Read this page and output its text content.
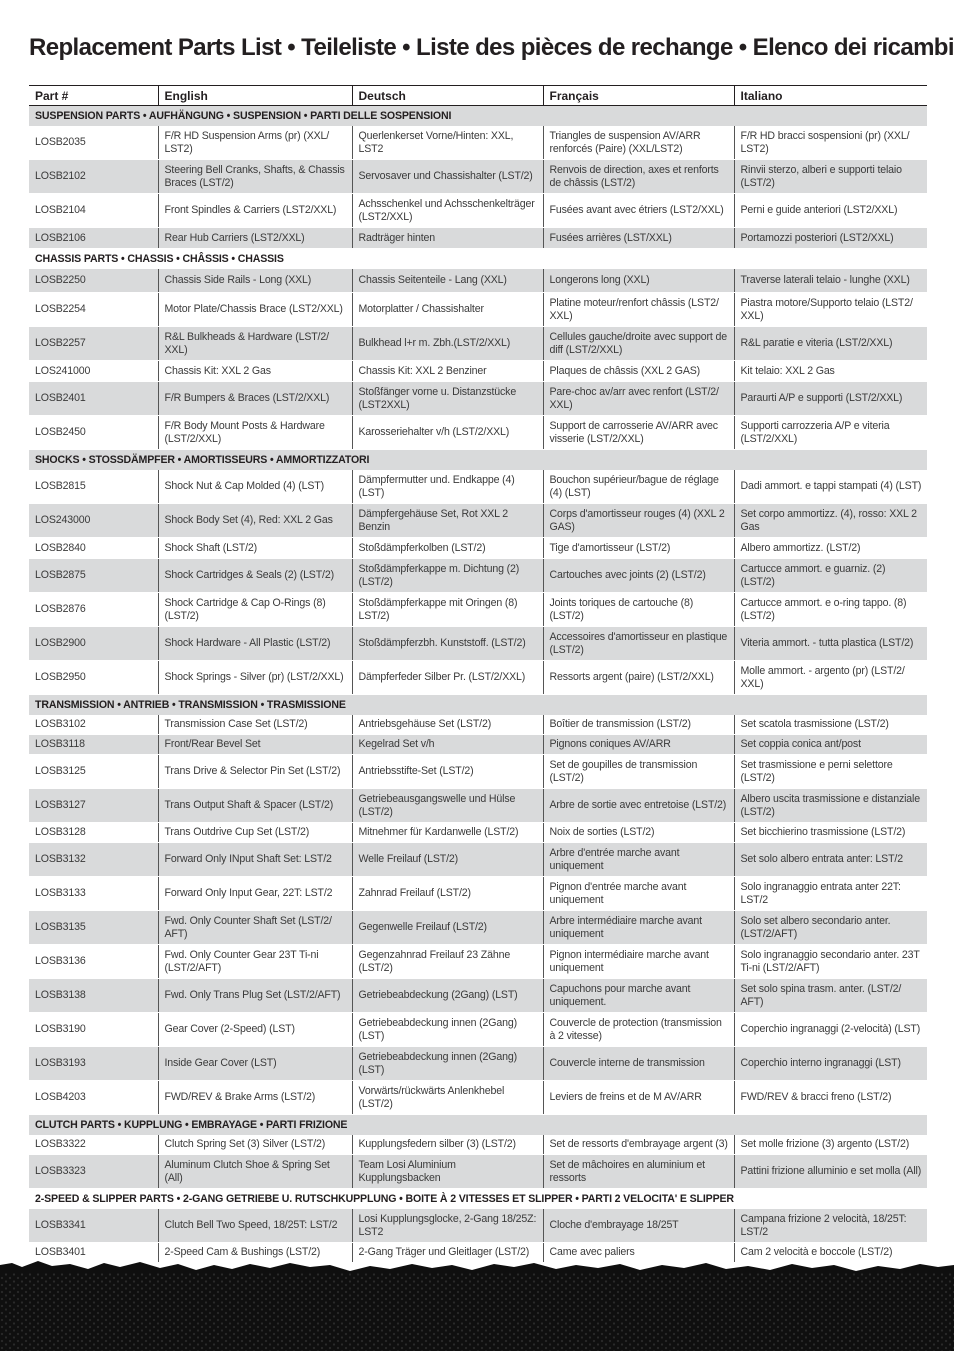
Replacement Parts List • Teileliste • Liste des pièces de rechange • Elenco dei ricambi
Part #	English	Deutsch	Français	Italiano
SUSPENSION PARTS • AUFHÄNGUNG • SUSPENSION • PARTI DELLE SOSPENSIONI				
LOSB2035	F/R HD Suspension Arms (pr) (XXL/ LST2)	Querlenkerset Vorne/Hinten: XXL, LST2	Triangles de suspension AV/ARR renforcés (Paire) (XXL/LST2)	F/R HD bracci sospensioni (pr) (XXL/ LST2)
LOSB2102	Steering Bell Cranks, Shafts, & Chassis Braces (LST/2)	Servosaver und Chassishalter (LST/2)	Renvois de direction, axes et renforts de châssis (LST/2)	Rinvii sterzo, alberi e supporti telaio (LST/2)
LOSB2104	Front Spindles & Carriers (LST2/XXL)	Achsschenkel und Achsschenkelträger (LST2/XXL)	Fusées avant avec étriers (LST2/XXL)	Perni e guide anteriori (LST2/XXL)
LOSB2106	Rear Hub Carriers (LST2/XXL)	Radträger hinten	Fusées arrières (LST/XXL)	Portamozzi posteriori (LST2/XXL)
CHASSIS PARTS • CHASSIS • CHÂSSIS • CHASSIS				
LOSB2250	Chassis Side Rails - Long (XXL)	Chassis Seitenteile - Lang (XXL)	Longerons long (XXL)	Traverse laterali telaio - lunghe (XXL)
LOSB2254	Motor Plate/Chassis Brace (LST2/XXL)	Motorplatter / Chassishalter	Platine moteur/renfort châssis (LST2/ XXL)	Piastra motore/Supporto telaio (LST2/ XXL)
LOSB2257	R&L Bulkheads & Hardware (LST/2/ XXL)	Bulkhead l+r m. Zbh.(LST/2/XXL)	Cellules gauche/droite avec support de diff (LST/2/XXL)	R&L paratie e viteria (LST/2/XXL)
LOS241000	Chassis Kit: XXL 2 Gas	Chassis Kit: XXL 2 Benziner	Plaques de châssis (XXL 2 GAS)	Kit telaio: XXL 2 Gas
LOSB2401	F/R Bumpers & Braces (LST/2/XXL)	Stoßfänger vorne u. Distanzstücke (LST2XXL)	Pare-choc av/arr avec renfort (LST/2/ XXL)	Paraurti A/P e supporti (LST/2/XXL)
LOSB2450	F/R Body Mount Posts & Hardware (LST/2/XXL)	Karosseriehalter v/h (LST/2/XXL)	Support de carrosserie AV/ARR avec visserie (LST/2/XXL)	Supporti carrozzeria A/P e viteria (LST/2/XXL)
SHOCKS • STOSSDÄMPFER • AMORTISSEURS • AMMORTIZZATORI				
LOSB2815	Shock Nut & Cap Molded (4) (LST)	Dämpfermutter und. Endkappe (4) (LST)	Bouchon supérieur/bague de réglage (4) (LST)	Dadi ammort. e tappi stampati (4) (LST)
LOS243000	Shock Body Set (4), Red: XXL 2 Gas	Dämpfergehäuse Set, Rot XXL 2 Benzin	Corps d'amortisseur rouges (4) (XXL 2 GAS)	Set corpo ammortizz. (4), rosso: XXL 2 Gas
LOSB2840	Shock Shaft (LST/2)	Stoßdämpferkolben (LST/2)	Tige d'amortisseur (LST/2)	Albero ammortizz. (LST/2)
LOSB2875	Shock Cartridges & Seals (2) (LST/2)	Stoßdämpferkappe m. Dichtung (2) (LST/2)	Cartouches avec joints (2) (LST/2)	Cartucce ammort. e guarniz. (2) (LST/2)
LOSB2876	Shock Cartridge & Cap O-Rings (8) (LST/2)	Stoßdämpferkappe mit Oringen (8) LST/2)	Joints toriques de cartouche (8) (LST/2)	Cartucce ammort. e o-ring tappo. (8) (LST/2)
LOSB2900	Shock Hardware - All Plastic (LST/2)	Stoßdämpferzbh. Kunststoff. (LST/2)	Accessoires d'amortisseur en plastique (LST/2)	Viteria ammort. - tutta plastica (LST/2)
LOSB2950	Shock Springs - Silver (pr) (LST/2/XXL)	Dämpferfeder Silber Pr. (LST/2/XXL)	Ressorts argent (paire) (LST/2/XXL)	Molle ammort. - argento (pr) (LST/2/ XXL)
TRANSMISSION • ANTRIEB • TRANSMISSION • TRASMISSIONE				
LOSB3102	Transmission Case Set (LST/2)	Antriebsgehäuse Set (LST/2)	Boîtier de transmission (LST/2)	Set scatola trasmissione (LST/2)
LOSB3118	Front/Rear Bevel Set	Kegelrad Set v/h	Pignons coniques AV/ARR	Set coppia conica ant/post
LOSB3125	Trans Drive & Selector Pin Set (LST/2)	Antriebsstifte-Set (LST/2)	Set de goupilles de transmission (LST/2)	Set trasmissione e perni selettore (LST/2)
LOSB3127	Trans Output Shaft & Spacer (LST/2)	Getriebeausgangswelle und Hülse (LST/2)	Arbre de sortie avec entretoise (LST/2)	Albero uscita trasmissione e distanziale (LST/2)
LOSB3128	Trans Outdrive Cup Set (LST/2)	Mitnehmer für Kardanwelle (LST/2)	Noix de sorties (LST/2)	Set bicchierino trasmissione (LST/2)
LOSB3132	Forward Only INput Shaft Set: LST/2	Welle Freilauf (LST/2)	Arbre d'entrée marche avant uniquement	Set solo albero entrata anter: LST/2
LOSB3133	Forward Only Input Gear, 22T: LST/2	Zahnrad Freilauf (LST/2)	Pignon d'entrée marche avant uniquement	Solo ingranaggio entrata anter 22T: LST/2
LOSB3135	Fwd. Only Counter Shaft Set (LST/2/ AFT)	Gegenwelle Freilauf (LST/2)	Arbre intermédiaire marche avant uniquement	Solo set albero secondario anter. (LST/2/AFT)
LOSB3136	Fwd. Only Counter Gear 23T Ti-ni (LST/2/AFT)	Gegenzahnrad Freilauf 23 Zähne (LST/2)	Pignon intermédiaire marche avant uniquement	Solo ingranaggio secondario anter. 23T Ti-ni (LST/2/AFT)
LOSB3138	Fwd. Only Trans Plug Set (LST/2/AFT)	Getriebeabdeckung (2Gang) (LST)	Capuchons pour marche avant uniquement.	Set solo spina trasm. anter. (LST/2/ AFT)
LOSB3190	Gear Cover (2-Speed) (LST)	Getriebeabdeckung innen (2Gang) (LST)	Couvercle de protection (transmission à 2 vitesse)	Coperchio ingranaggi (2-velocità) (LST)
LOSB3193	Inside Gear Cover (LST)	Getriebeabdeckung innen (2Gang) (LST)	Couvercle interne de transmission	Coperchio interno ingranaggi (LST)
LOSB4203	FWD/REV & Brake Arms (LST/2)	Vorwärts/rückwärts Anlenkhebel (LST/2)	Leviers de freins et de M AV/ARR	FWD/REV & bracci freno (LST/2)
CLUTCH PARTS • KUPPLUNG • EMBRAYAGE • PARTI FRIZIONE				
LOSB3322	Clutch Spring Set (3) Silver (LST/2)	Kupplungsfedern silber (3) (LST/2)	Set de ressorts d'embrayage argent (3)	Set molle frizione (3) argento (LST/2)
LOSB3323	Aluminum Clutch Shoe & Spring Set (All)	Team Losi Aluminium Kupplungsbacken	Set de mâchoires en aluminium et ressorts	Pattini frizione alluminio e set molla (All)
2-SPEED & SLIPPER PARTS • 2-GANG GETRIEBE U. RUTSCHKUPPLUNG • BOITE À 2 VITESSES ET SLIPPER • PARTI 2 VELOCITA' E SLIPPER				
LOSB3341	Clutch Bell Two Speed, 18/25T: LST/2	Losi Kupplungsglocke, 2-Gang 18/25Z: LST2	Cloche d'embrayage 18/25T	Campana frizione 2 velocità, 18/25T: LST/2
LOSB3401	2-Speed Cam & Bushings (LST/2)	2-Gang Träger und Gleitlager (LST/2)	Came avec paliers	Cam 2 velocità e boccole (LST/2)
